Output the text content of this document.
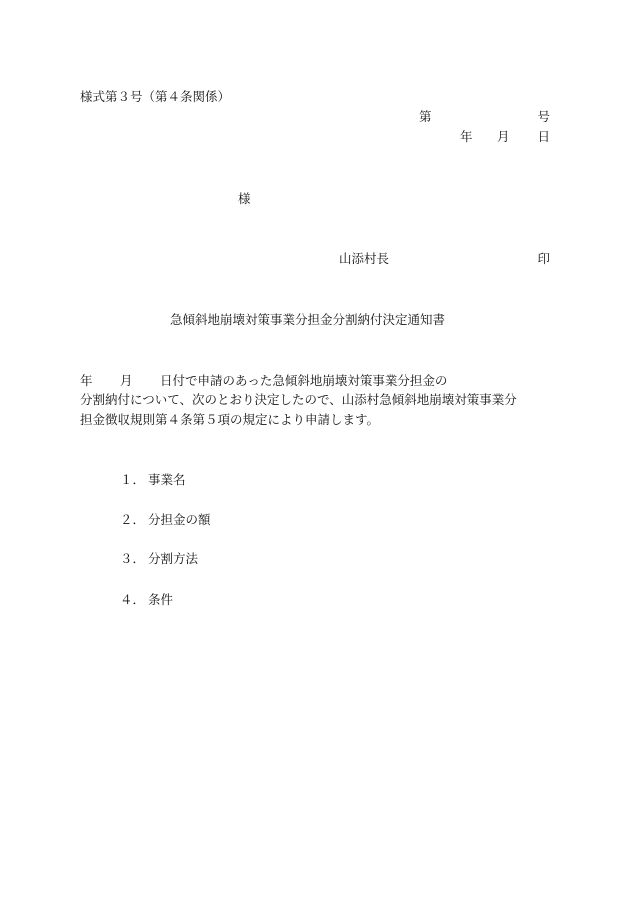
様式第３号（第４条関係）
第	号
年 月 日
様
山添村長	印
急傾斜地崩壊対策事業分担金分割納付決定通知書
年 月 日付で申請のあった急傾斜地崩壊対策事業分担金の
分割納付について、次のとおり決定したので、山添村急傾斜地崩壊対策事業分
担金徴収規則第４条第５項の規定により申請します。
１． 事業名
２． 分担金の額
３． 分割方法
４． 条件
